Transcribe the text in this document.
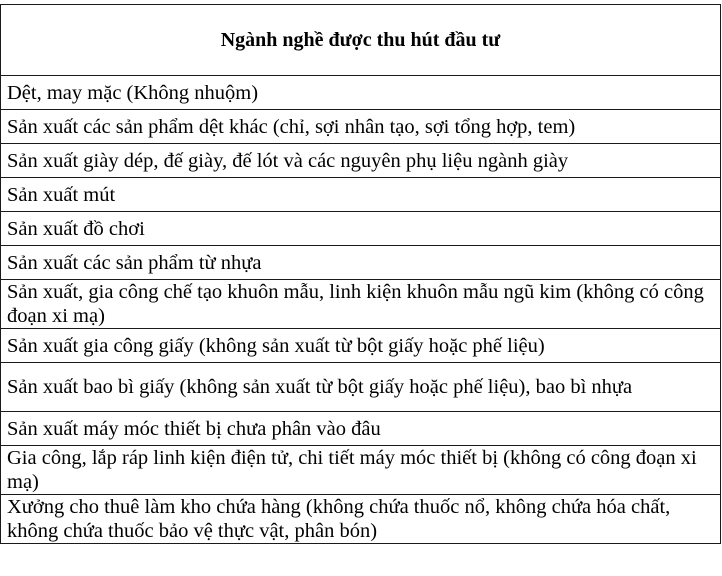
Ngành nghề được thu hút đầu tư
Dệt, may mặc (Không nhuộm)
Sản xuất các sản phẩm dệt khác (chỉ, sợi nhân tạo, sợi tổng hợp, tem)
Sản xuất giày dép, đế giày, đế lót và các nguyên phụ liệu ngành giày
Sản xuất mút
Sản xuất đồ chơi
Sản xuất các sản phẩm từ nhựa
Sản xuất, gia công chế tạo khuôn mẫu, linh kiện khuôn mẫu ngũ kim (không có công đoạn xi mạ)
Sản xuất gia công giấy (không sản xuất từ bột giấy hoặc phế liệu)
Sản xuất bao bì giấy (không sản xuất từ bột giấy hoặc phế liệu), bao bì nhựa
Sản xuất máy móc thiết bị chưa phân vào đâu
Gia công, lắp ráp linh kiện điện tử, chi tiết máy móc thiết bị (không có công đoạn xi mạ)
Xưởng cho thuê làm kho chứa hàng (không chứa thuốc nổ, không chứa hóa chất, không chứa thuốc bảo vệ thực vật, phân bón)
